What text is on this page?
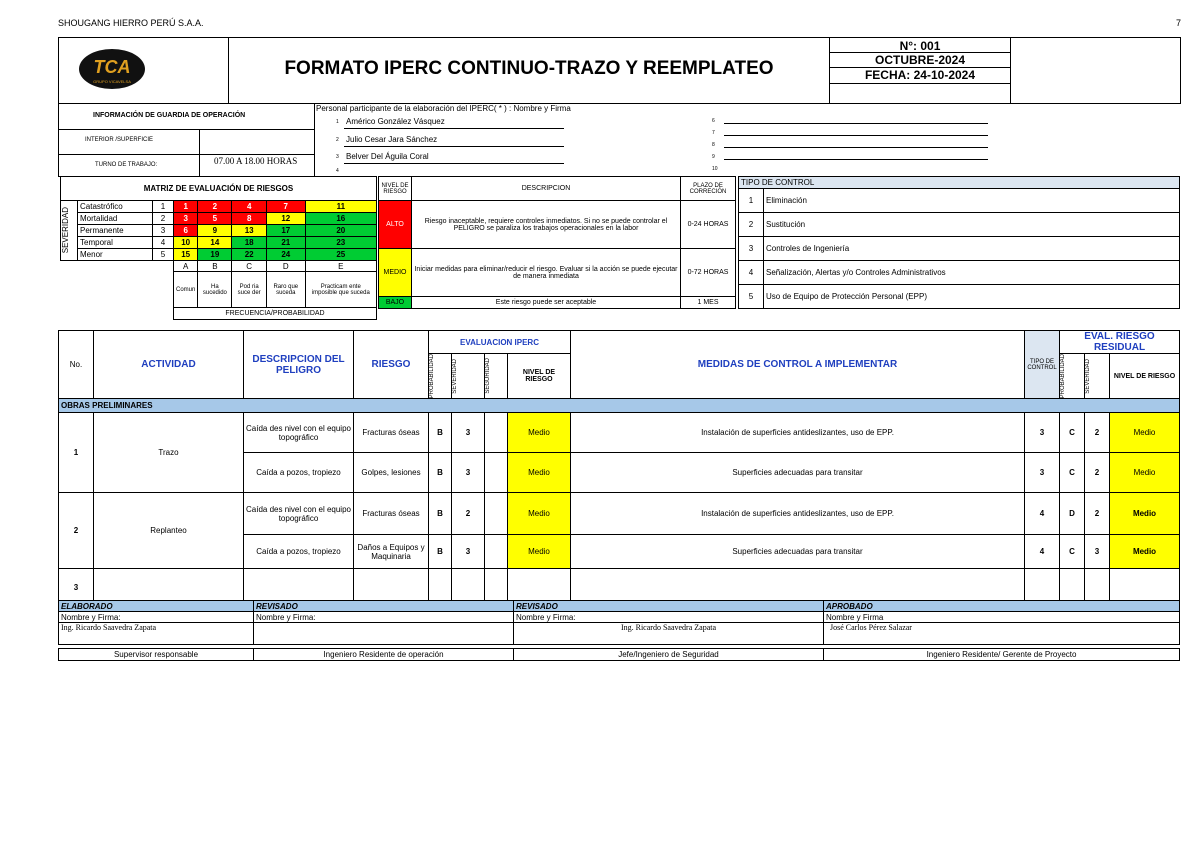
SHOUGANG HIERRO PERÚ S.A.A.	7
TCA
GRUPO VICAVELSA
FORMATO IPERC CONTINUO-TRAZO Y REEMPLATEO
N°: 001
OCTUBRE-2024
FECHA: 24-10-2024
INFORMACIÓN DE GUARDIA DE OPERACIÓN
INTERIOR /SUPERFICIE
TURNO DE TRABAJO:	07.00 A 18.00 HORAS
Personal participante de la elaboración del IPERC( * ) : Nombre y Firma
1 Américo González Vásquez
2 Julio Cesar Jara Sánchez
3 Belver Del Águila Coral
4
6
7
8
9
10
MATRIZ DE EVALUACIÓN DE RIESGOS							

SEVERIDAD	Catastrófico	1	1	2	4	7	11
	Mortalidad	2	3	5	8	12	16
	Permanente	3	6	9	13	17	20
	Temporal	4	10	14	18	21	23
	Menor	5	15	19	22	24	25
			A	B	C	D	E
			Comun	Ha sucedido	Pod ria suce der	Raro que suceda	Practicam ente imposible que suceda
			FRECUENCIA/PROBABILIDAD				
NIVEL DE RIESGO	DESCRIPCION	PLAZO DE CORRECIÓN
ALTO	Riesgo inaceptable, requiere controles inmediatos. Si no se puede controlar el PELIGRO se paraliza los trabajos operacionales en la labor	0-24 HORAS
MEDIO	Iniciar medidas para eliminar/reducir el riesgo. Evaluar si la acción se puede ejecutar de manera inmediata	0-72 HORAS
BAJO	Este riesgo puede ser aceptable	1 MES
TIPO DE CONTROL	
1	Eliminación
2	Sustitución
3	Controles de Ingeniería
4	Señalización, Alertas y/o Controles Administrativos
5	Uso de Equipo de Protección Personal (EPP)
No.	ACTIVIDAD	DESCRIPCION DEL PELIGRO	RIESGO	EVALUACION IPERC				MEDIDAS DE CONTROL A IMPLEMENTAR	TIPO DE CONTROL	EVAL. RIESGO RESIDUAL		

				PROBABILIDAD	SEVERIDAD	SEGURIDAD	NIVEL DE RIESGO			PROBABILIDAD	SEVERIDAD	NIVEL DE RIESGO
OBRAS PRELIMINARES												
1	Trazo	Caída des nivel con el equipo topográfico	Fracturas óseas	B	3		Medio	Instalación de superficies antideslizantes, uso de EPP.	3	C	2	Medio
		Caída a pozos, tropiezo	Golpes, lesiones	B	3		Medio	Superficies adecuadas para transitar	3	C	2	Medio
2	Replanteo	Caída des nivel con el equipo topográfico	Fracturas óseas	B	2		Medio	Instalación de superficies antideslizantes, uso de EPP.	4	D	2	Medio
		Caída a pozos, tropiezo	Daños a Equipos y Maquinaria	B	3		Medio	Superficies adecuadas para transitar	4	C	3	Medio
3												
ELABORADO	REVISADO	REVISADO	APROBADO
Nombre y Firma:	Nombre y Firma:	Nombre y Firma:	Nombre y Firma
Ing. Ricardo Saavedra Zapata		Ing. Ricardo Saavedra Zapata	José Carlos Pérez Salazar

Supervisor responsable	Ingeniero Residente de operación	Jefe/Ingeniero de Seguridad	Ingeniero Residente/ Gerente de Proyecto
